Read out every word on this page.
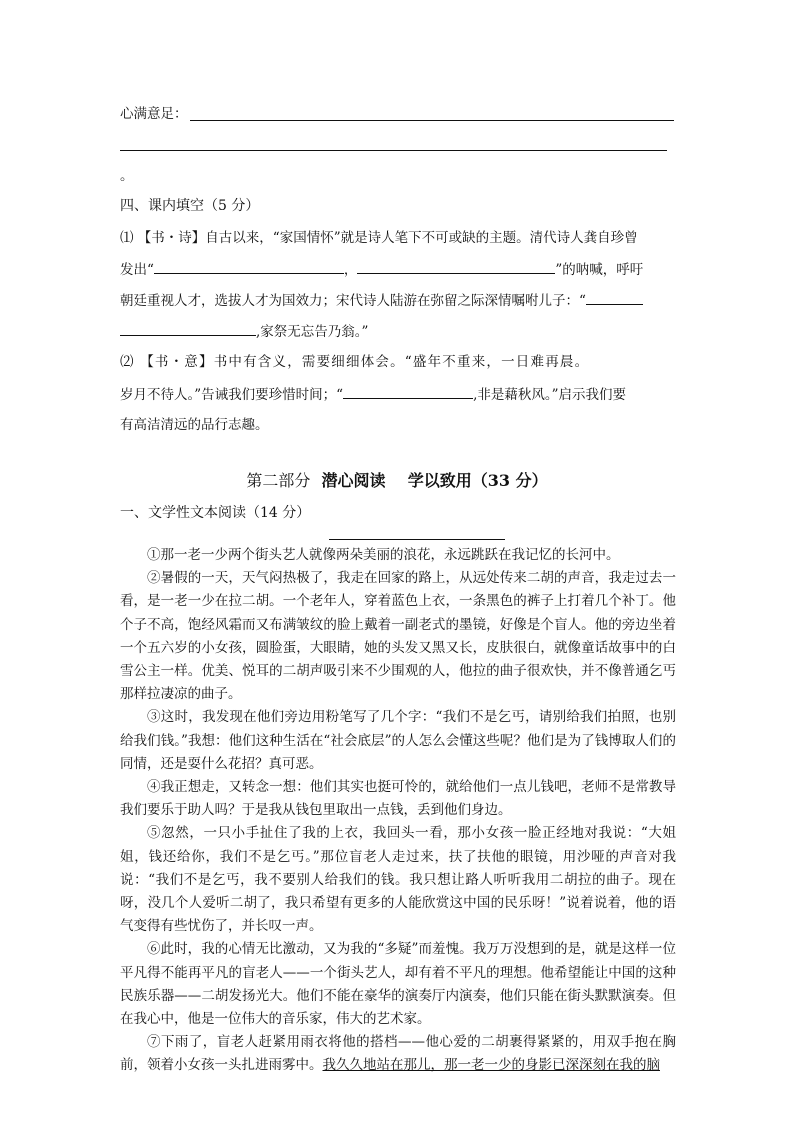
心满意足：
。
四、课内填空（5 分）
⑴ 【书・诗】自古以来，“家国情怀”就是诗人笔下不可或缺的主题。清代诗人龚自珍曾
发出“	，	”的呐喊，呼吁
朝廷重视人才，选拔人才为国效力；宋代诗人陆游在弥留之际深情嘱咐儿子：“
,家祭无忘告乃翁。”
⑵ 【书・意】书中有含义，需要细细体会。“盛年不重来，一日难再晨。
岁月不待人。”告诫我们要珍惜时间；“	,非是藉秋风。”启示我们要
有高洁清远的品行志趣。
第二部分 潜心阅读    学以致用（33 分）
一、文学性文本阅读（14 分）

①那一老一少两个街头艺人就像两朵美丽的浪花，永远跳跃在我记忆的长河中。

②暑假的一天，天气闷热极了，我走在回家的路上，从远处传来二胡的声音，我走过去一看，是一老一少在拉二胡。一个老年人，穿着蓝色上衣，一条黑色的裤子上打着几个补丁。他个子不高，饱经风霜而又布满皱纹的脸上戴着一副老式的墨镜，好像是个盲人。他的旁边坐着一个五六岁的小女孩，圆脸蛋，大眼睛，她的头发又黑又长，皮肤很白，就像童话故事中的白雪公主一样。优美、悦耳的二胡声吸引来不少围观的人，他拉的曲子很欢快，并不像普通乞丐那样拉凄凉的曲子。

③这时，我发现在他们旁边用粉笔写了几个字：“我们不是乞丐，请别给我们拍照，也别给我们钱。”我想：他们这种生活在“社会底层”的人怎么会懂这些呢？他们是为了钱博取人们的同情，还是耍什么花招？真可恶。

④我正想走，又转念一想：他们其实也挺可怜的，就给他们一点儿钱吧，老师不是常教导我们要乐于助人吗？于是我从钱包里取出一点钱，丢到他们身边。

⑤忽然，一只小手扯住了我的上衣，我回头一看，那小女孩一脸正经地对我说：“大姐姐，钱还给你，我们不是乞丐。”那位盲老人走过来，扶了扶他的眼镜，用沙哑的声音对我说：“我们不是乞丐，我不要别人给我们的钱。我只想让路人听听我用二胡拉的曲子。现在呀，没几个人爱听二胡了，我只希望有更多的人能欣赏这中国的民乐呀！”说着说着，他的语气变得有些忧伤了，并长叹一声。

⑥此时，我的心情无比激动，又为我的“多疑”而羞愧。我万万没想到的是，就是这样一位平凡得不能再平凡的盲老人——一个街头艺人，却有着不平凡的理想。他希望能让中国的这种民族乐器——二胡发扬光大。他们不能在豪华的演奏厅内演奏，他们只能在街头默默演奏。但在我心中，他是一位伟大的音乐家，伟大的艺术家。

⑦下雨了，盲老人赶紧用雨衣将他的搭档——他心爱的二胡裹得紧紧的，用双手抱在胸前，领着小女孩一头扎进雨雾中。我久久地站在那儿，那一老一少的身影已深深刻在我的脑
